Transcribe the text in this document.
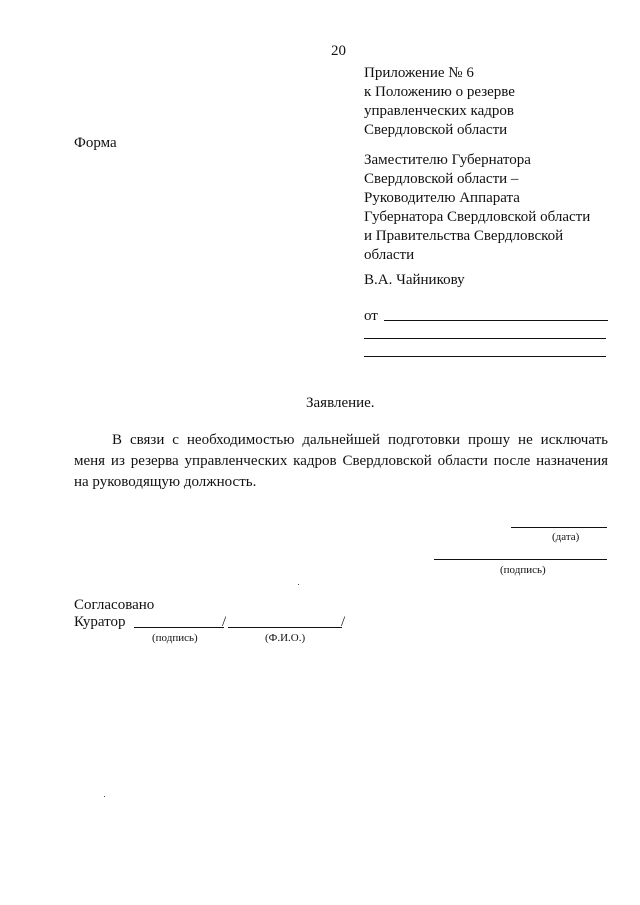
20
Приложение № 6
к Положению о резерве
управленческих кадров
Свердловской области
Форма
Заместителю Губернатора
Свердловской области –
Руководителю Аппарата
Губернатора Свердловской области
и Правительства Свердловской
области
В.А. Чайникову
от
Заявление.
В связи с необходимостью дальнейшей подготовки прошу не исключать меня из резерва управленческих кадров Свердловской области после назначения на руководящую должность.
(дата)
(подпись)
Согласовано
Куратор	/	/
(подпись)	(Ф.И.О.)
